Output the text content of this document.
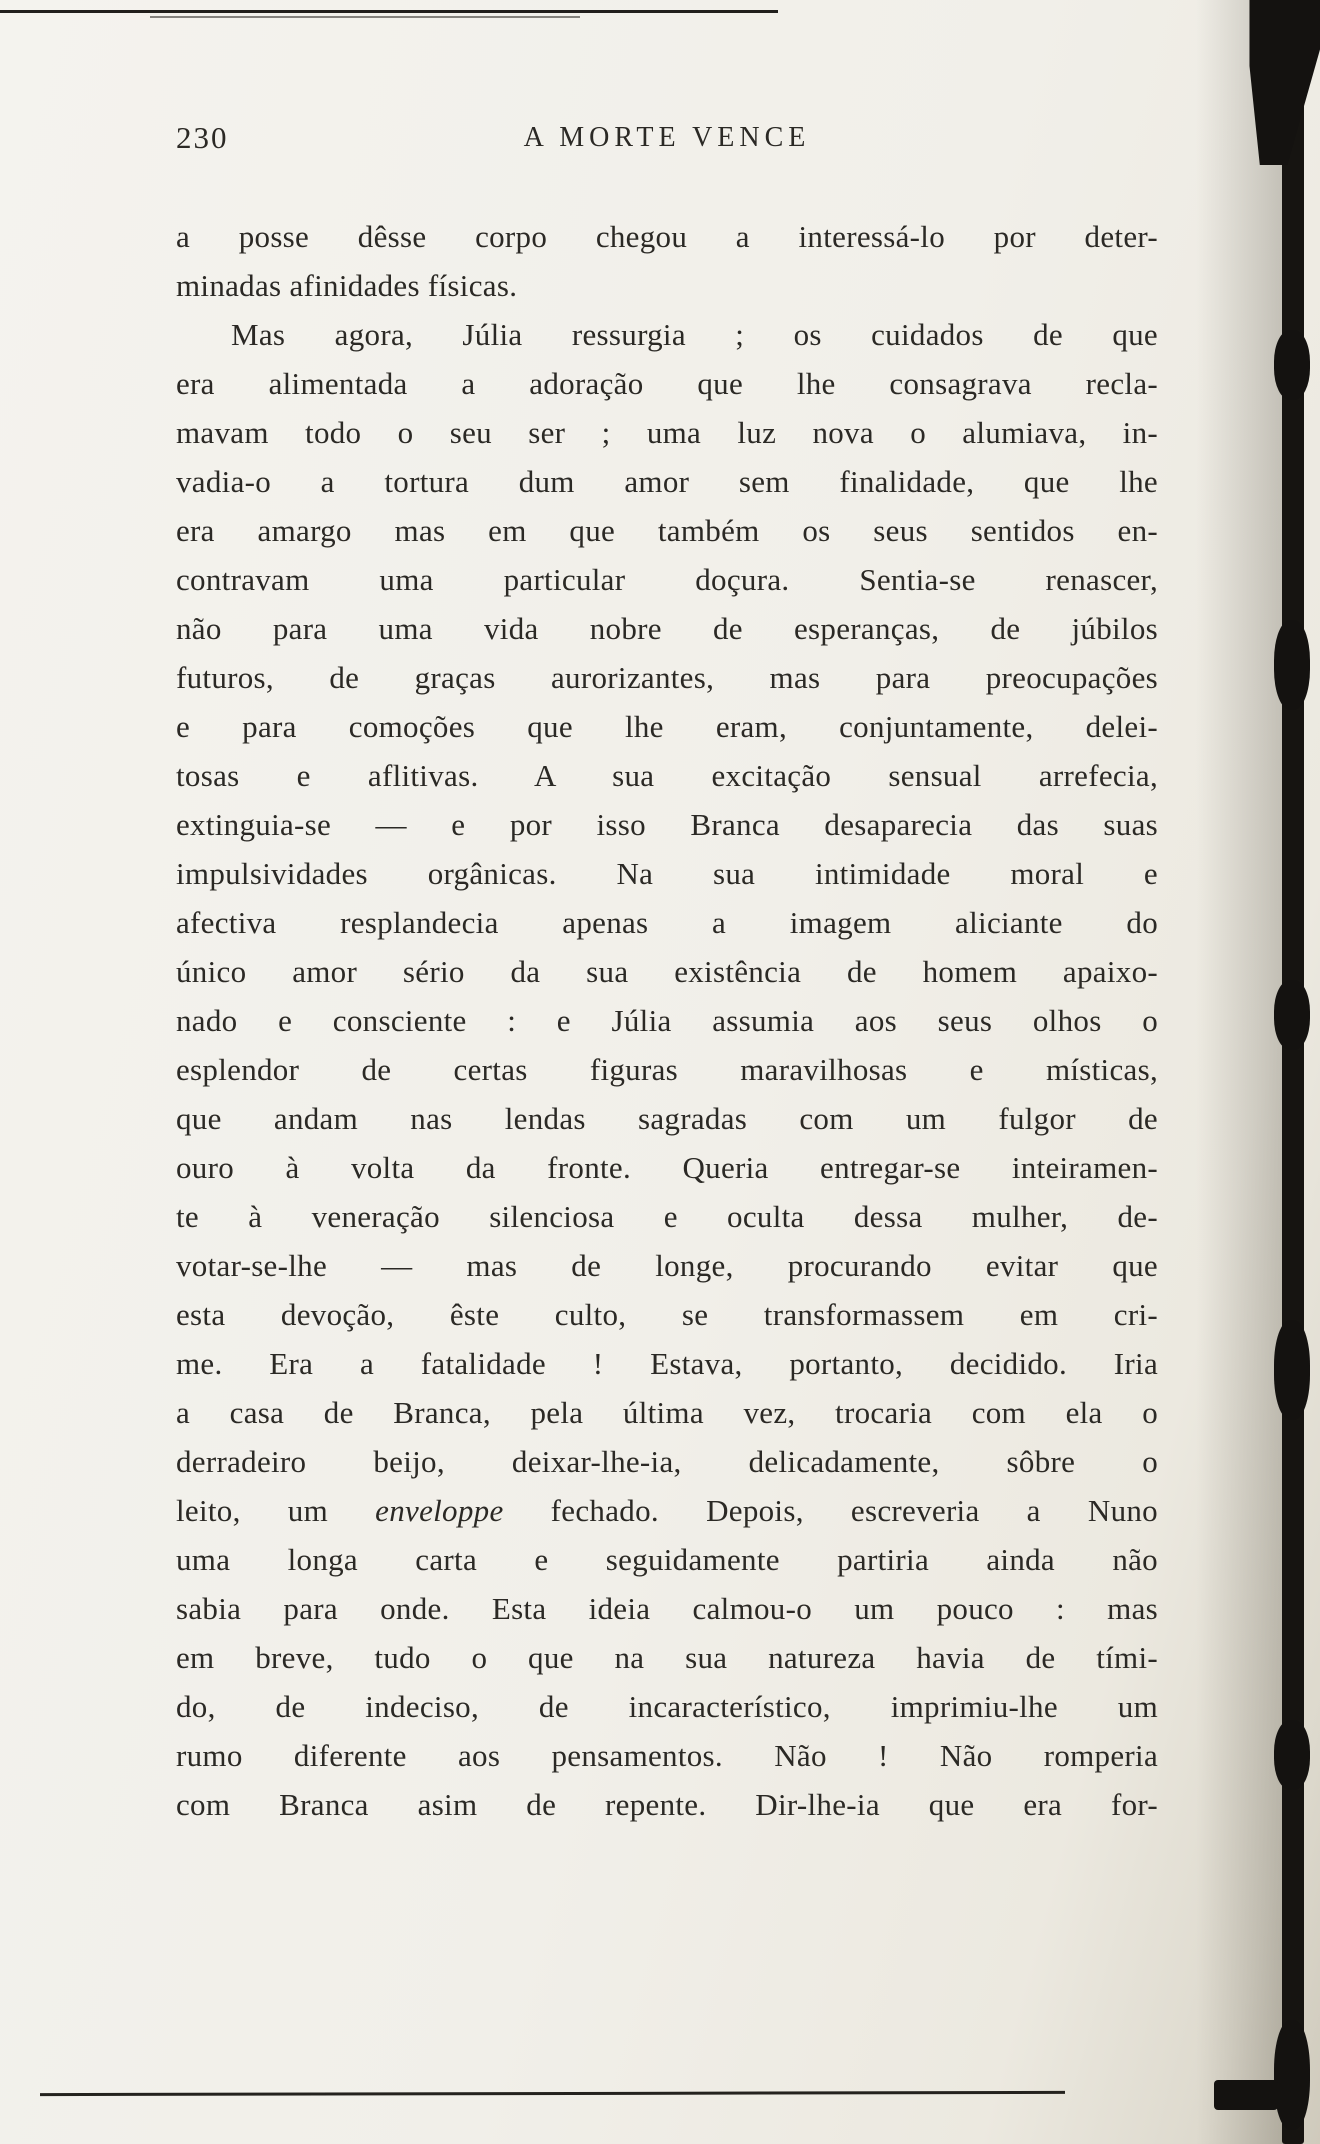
230	A MORTE VENCE
a posse dêsse corpo chegou a interessá-lo por deter-
minadas afinidades físicas.
Mas agora, Júlia ressurgia ; os cuidados de que
era alimentada a adoração que lhe consagrava recla-
mavam todo o seu ser ; uma luz nova o alumiava, in-
vadia-o a tortura dum amor sem finalidade, que lhe
era amargo mas em que também os seus sentidos en-
contravam uma particular doçura. Sentia-se renascer,
não para uma vida nobre de esperanças, de júbilos
futuros, de graças aurorizantes, mas para preocupações
e para comoções que lhe eram, conjuntamente, delei-
tosas e aflitivas. A sua excitação sensual arrefecia,
extinguia-se — e por isso Branca desaparecia das suas
impulsividades orgânicas. Na sua intimidade moral e
afectiva resplandecia apenas a imagem aliciante do
único amor sério da sua existência de homem apaixo-
nado e consciente : e Júlia assumia aos seus olhos o
esplendor de certas figuras maravilhosas e místicas,
que andam nas lendas sagradas com um fulgor de
ouro à volta da fronte. Queria entregar-se inteiramen-
te à veneração silenciosa e oculta dessa mulher, de-
votar-se-lhe — mas de longe, procurando evitar que
esta devoção, êste culto, se transformassem em cri-
me. Era a fatalidade ! Estava, portanto, decidido. Iria
a casa de Branca, pela última vez, trocaria com ela o
derradeiro beijo, deixar-lhe-ia, delicadamente, sôbre o
leito, um enveloppe fechado. Depois, escreveria a Nuno
uma longa carta e seguidamente partiria ainda não
sabia para onde. Esta ideia calmou-o um pouco : mas
em breve, tudo o que na sua natureza havia de tími-
do, de indeciso, de incaracterístico, imprimiu-lhe um
rumo diferente aos pensamentos. Não ! Não romperia
com Branca asim de repente. Dir-lhe-ia que era for-
